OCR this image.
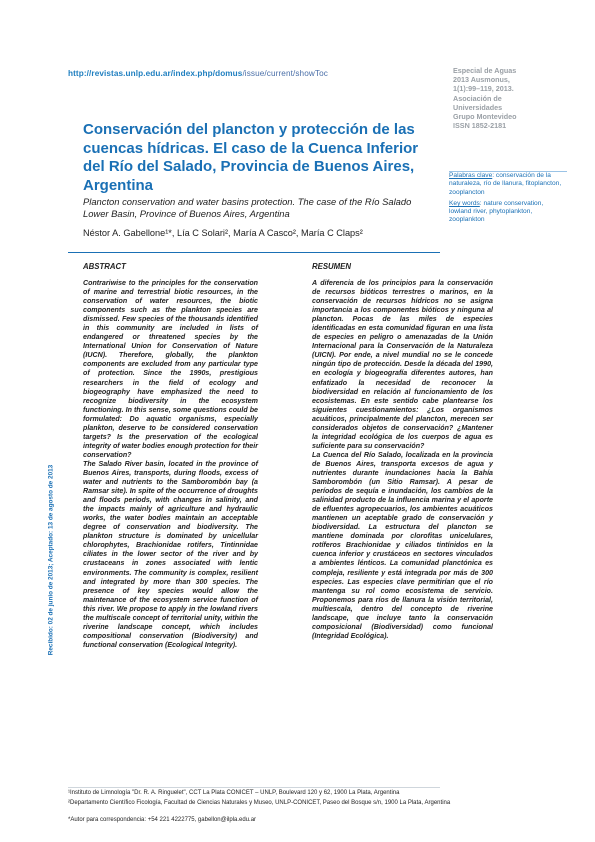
http://revistas.unlp.edu.ar/index.php/domus/issue/current/showToc	Especial de Aguas
2013 Ausmonus,
1(1):99–119, 2013.
Asociación de
Universidades
Grupo Montevideo
ISSN 1852-2181
Conservación del plancton y protección de las cuencas hídricas. El caso de la Cuenca Inferior del Río del Salado, Provincia de Buenos Aires, Argentina
Plancton conservation and water basins protection. The case of the Río Salado Lower Basin, Province of Buenos Aires, Argentina
Néstor A. Gabellone¹*, Lía C Solari², María A Casco², María C Claps²

Palabras clave: conservación de la naturaleza, río de llanura, fitoplancton, zooplancton

Key words: nature conservation, lowland river, phytoplankton, zooplankton

ABSTRACT	RESUMEN

Contrariwise to the principles for the conservation of marine and terrestrial biotic resources, in the conservation of water resources, the biotic components such as the plankton species are dismissed. Few species of the thousands identified in this community are included in lists of endangered or threatened species by the International Union for Conservation of Nature (IUCN). Therefore, globally, the plankton components are excluded from any particular type of protection. Since the 1990s, prestigious researchers in the field of ecology and biogeography have emphasized the need to recognize biodiversity in the ecosystem functioning. In this sense, some questions could be formulated: Do aquatic organisms, especially plankton, deserve to be considered conservation targets? Is the preservation of the ecological integrity of water bodies enough protection for their conservation?

The Salado River basin, located in the province of Buenos Aires, transports, during floods, excess of water and nutrients to the Samborombón bay (a Ramsar site). In spite of the occurrence of droughts and floods periods, with changes in salinity, and the impacts mainly of agriculture and hydraulic works, the water bodies maintain an acceptable degree of conservation and biodiversity. The plankton structure is dominated by unicellular chlorophytes, Brachionidae rotifers, Tintinnidae ciliates in the lower sector of the river and by crustaceans in zones associated with lentic environments. The community is complex, resilient and integrated by more than 300 species. The presence of key species would allow the maintenance of the ecosystem service function of this river. We propose to apply in the lowland rivers the multiscale concept of territorial unity, within the riverine landscape concept, which includes compositional conservation (Biodiversity) and functional conservation (Ecological Integrity).

A diferencia de los principios para la conservación de recursos bióticos terrestres o marinos, en la conservación de recursos hídricos no se asigna importancia a los componentes bióticos y ninguna al plancton. Pocas de las miles de especies identificadas en esta comunidad figuran en una lista de especies en peligro o amenazadas de la Unión Internacional para la Conservación de la Naturaleza (UICN). Por ende, a nivel mundial no se le concede ningún tipo de protección. Desde la década del 1990, en ecología y biogeografía diferentes autores, han enfatizado la necesidad de reconocer la biodiversidad en relación al funcionamiento de los ecosistemas. En este sentido cabe plantearse los siguientes cuestionamientos: ¿Los organismos acuáticos, principalmente del plancton, merecen ser considerados objetos de conservación? ¿Mantener la integridad ecológica de los cuerpos de agua es suficiente para su conservación?

La Cuenca del Río Salado, localizada en la provincia de Buenos Aires, transporta excesos de agua y nutrientes durante inundaciones hacia la Bahía Samborombón (un Sitio Ramsar). A pesar de períodos de sequía e inundación, los cambios de la salinidad producto de la influencia marina y el aporte de efluentes agropecuarios, los ambientes acuáticos mantienen un aceptable grado de conservación y biodiversidad. La estructura del plancton se mantiene dominada por clorofitas unicelulares, rotíferos Brachionidae y ciliados tintínidos en la cuenca inferior y crustáceos en sectores vinculados a ambientes lénticos. La comunidad planctónica es compleja, resiliente y está integrada por más de 300 especies. Las especies clave permitirían que el río mantenga su rol como ecosistema de servicio. Proponemos para ríos de llanura la visión territorial, multiescala, dentro del concepto de riverine landscape, que incluye tanto la conservación composicional (Biodiversidad) como funcional (Integridad Ecológica).

Recibido: 02 de junio de 2013; Aceptado: 13 de agosto de 2013
¹Instituto de Limnología "Dr. R. A. Ringuelet", CCT La Plata CONICET – UNLP, Boulevard 120 y 62, 1900 La Plata, Argentina
²Departamento Científico Ficología, Facultad de Ciencias Naturales y Museo, UNLP-CONICET, Paseo del Bosque s/n, 1900 La Plata, Argentina
*Autor para correspondencia: +54 221 4222775, gabellon@ilpla.edu.ar
